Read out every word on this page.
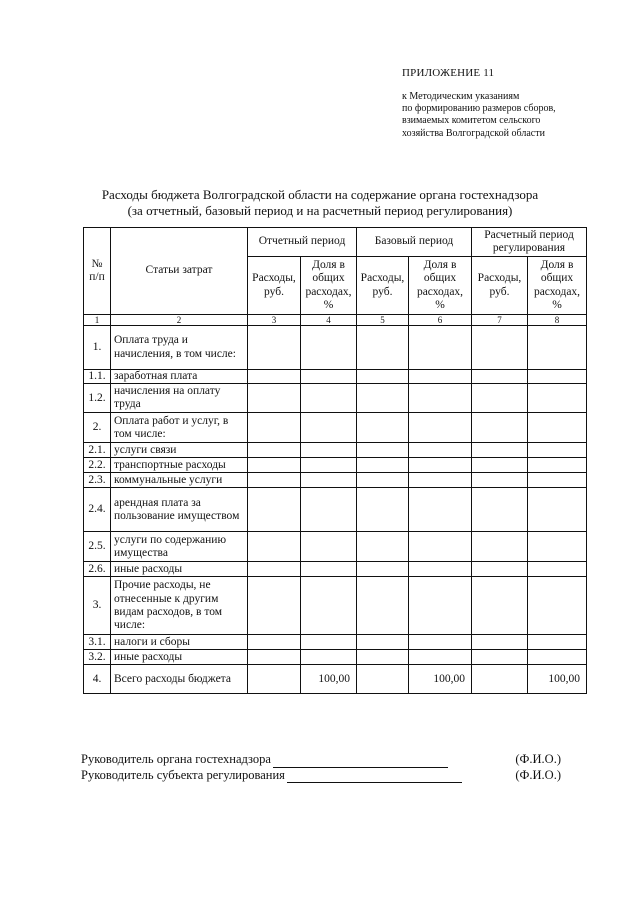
ПРИЛОЖЕНИЕ 11
к Методическим указаниям
по формированию размеров сборов,
взимаемых комитетом сельского
хозяйства Волгоградской области
Расходы бюджета Волгоградской области на содержание органа гостехнадзора
(за отчетный, базовый период и на расчетный период регулирования)
№ п/п	Статьи затрат	Отчетный период		Базовый период		Расчетный период регулирования	
		Расходы, руб.	Доля в общих расходах, %	Расходы, руб.	Доля в общих расходах, %	Расходы, руб.	Доля в общих расходах, %
1	2	3	4	5	6	7	8
1.	Оплата труда и начисления, в том числе:						
1.1.	заработная плата						
1.2.	начисления на оплату труда						
2.	Оплата работ и услуг, в том числе:						
2.1.	услуги связи						
2.2.	транспортные расходы						
2.3.	коммунальные услуги						
2.4.	арендная плата за пользование имуществом						
2.5.	услуги по содержанию имущества						
2.6.	иные расходы						
3.	Прочие расходы, не отнесенные к другим видам расходов, в том числе:						
3.1.	налоги и сборы						
3.2.	иные расходы						
4.	Всего расходы бюджета		100,00		100,00		100,00
Руководитель органа гостехнадзора	(Ф.И.О.)
Руководитель субъекта регулирования	(Ф.И.О.)
